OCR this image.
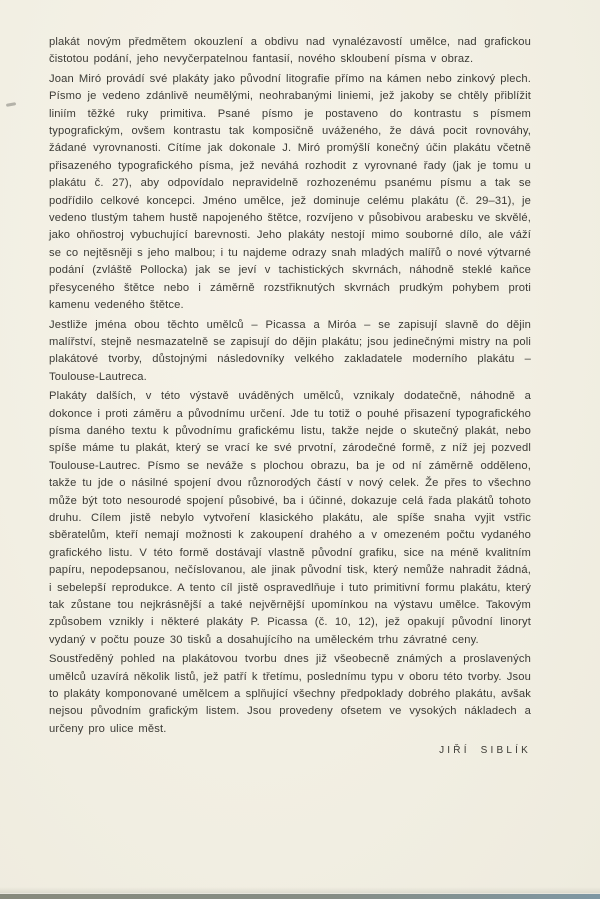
plakát novým předmětem okouzlení a obdivu nad vynalézavostí umělce, nad grafickou čistotou podání, jeho nevyčerpatelnou fantasií, nového skloubení písma v obraz.

Joan Miró provádí své plakáty jako původní litografie přímo na kámen nebo zinkový plech. Písmo je vedeno zdánlivě neumělými, neohrabanými liniemi, jež jakoby se chtěly přiblížit liniím těžké ruky primitiva. Psané písmo je postaveno do kontrastu s písmem typografickým, ovšem kontrastu tak komposičně uváženého, že dává pocit rovnováhy, žádané vyrovnanosti. Cítíme jak dokonale J. Miró promýšlí konečný účin plakátu včetně přisazeného typografického písma, jež neváhá rozhodit z vyrovnané řady (jak je tomu u plakátu č. 27), aby odpovídalo nepravidelně rozhozenému psanému písmu a tak se podřídilo celkové koncepci. Jméno umělce, jež dominuje celému plakátu (č. 29–31), je vedeno tlustým tahem hustě napojeného štětce, rozvíjeno v působivou arabesku ve skvělé, jako ohňostroj vybuchující barevnosti. Jeho plakáty nestojí mimo souborné dílo, ale váží se co nejtěsněji s jeho malbou; i tu najdeme odrazy snah mladých malířů o nové výtvarné podání (zvláště Pollocka) jak se jeví v tachistických skvrnách, náhodně steklé kaňce přesyceného štětce nebo i záměrně rozstřiknutých skvrnách prudkým pohybem proti kamenu vedeného štětce.

Jestliže jména obou těchto umělců – Picassa a Miróa – se zapisují slavně do dějin malířství, stejně nesmazatelně se zapisují do dějin plakátu; jsou jedinečnými mistry na poli plakátové tvorby, důstojnými následovníky velkého zakladatele moderního plakátu – Toulouse-Lautreca.

Plakáty dalších, v této výstavě uváděných umělců, vznikaly dodatečně, náhodně a dokonce i proti záměru a původnímu určení. Jde tu totiž o pouhé přisazení typografického písma daného textu k původnímu grafickému listu, takže nejde o skutečný plakát, nebo spíše máme tu plakát, který se vrací ke své prvotní, zárodečné formě, z níž jej pozvedl Toulouse-Lautrec. Písmo se neváže s plochou obrazu, ba je od ní záměrně odděleno, takže tu jde o násilné spojení dvou různorodých částí v nový celek. Že přes to všechno může být toto nesourodé spojení působivé, ba i účinné, dokazuje celá řada plakátů tohoto druhu. Cílem jistě nebylo vytvoření klasického plakátu, ale spíše snaha vyjit vstřic sběratelům, kteří nemají možnosti k zakoupení drahého a v omezeném počtu vydaného grafického listu. V této formě dostávají vlastně původní grafiku, sice na méně kvalitním papíru, nepodepsanou, nečíslovanou, ale jinak původní tisk, který nemůže nahradit žádná, i sebelepší reprodukce. A tento cíl jistě ospravedlňuje i tuto primitivní formu plakátu, který tak zůstane tou nejkrásnější a také nejvěrnější upomínkou na výstavu umělce. Takovým způsobem vznikly i některé plakáty P. Picassa (č. 10, 12), jež opakují původní linoryt vydaný v počtu pouze 30 tisků a dosahujícího na uměleckém trhu závratné ceny.

Soustředěný pohled na plakátovou tvorbu dnes již všeobecně známých a proslavených umělců uzavírá několik listů, jež patří k třetímu, poslednímu typu v oboru této tvorby. Jsou to plakáty komponované umělcem a splňující všechny předpoklady dobrého plakátu, avšak nejsou původním grafickým listem. Jsou provedeny ofsetem ve vysokých nákladech a určeny pro ulice měst.

JIŘÍ SIBLÍK
